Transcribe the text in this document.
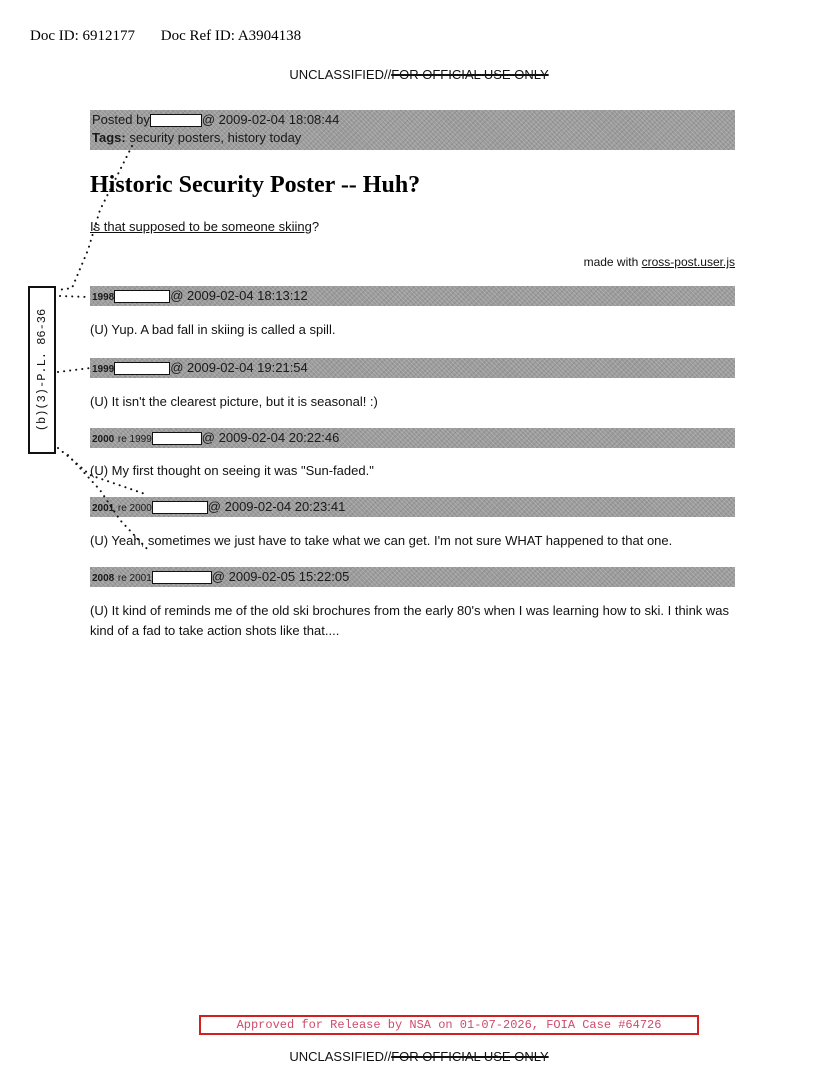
Doc ID: 6912177 Doc Ref ID: A3904138
UNCLASSIFIED//FOR OFFICIAL USE ONLY
Posted by	@ 2009-02-04 18:08:44
Tags: security posters, history today
Historic Security Poster -- Huh?
Is that supposed to be someone skiing?
made with cross-post.user.js
1998	@ 2009-02-04 18:13:12
(U) Yup. A bad fall in skiing is called a spill.
1999	@ 2009-02-04 19:21:54
(U) It isn't the clearest picture, but it is seasonal! :)
2000 re 1999	@ 2009-02-04 20:22:46
(U) My first thought on seeing it was "Sun-faded."
2001 re 2000	@ 2009-02-04 20:23:41
(U) Yeah, sometimes we just have to take what we can get. I'm not sure WHAT happened to that one.
2008 re 2001	@ 2009-02-05 15:22:05
(U) It kind of reminds me of the old ski brochures from the early 80's when I was learning how to ski. I think was kind of a fad to take action shots like that....
(b)(3)-P.L. 86-36
Approved for Release by NSA on 01-07-2026, FOIA Case #64726
UNCLASSIFIED//FOR OFFICIAL USE ONLY
